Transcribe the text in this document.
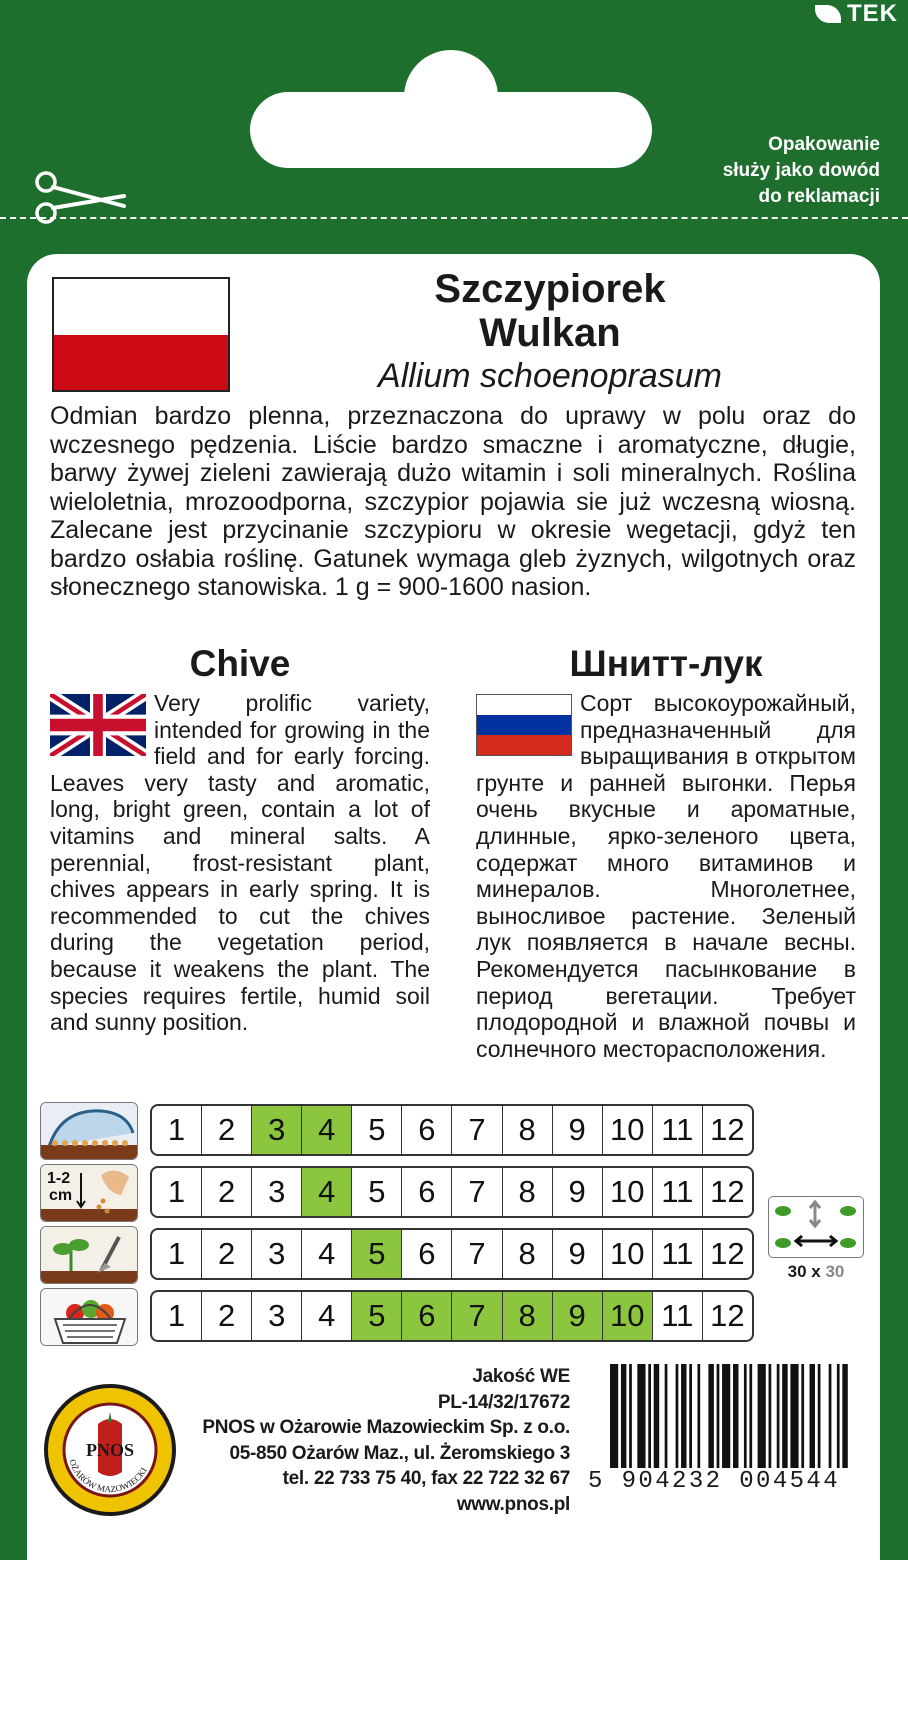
TEK
Opakowanie
służy jako dowód
do reklamacji
Szczypiorek
Wulkan
Allium schoenoprasum
Odmian bardzo plenna, przeznaczona do uprawy w polu oraz do wczesnego pędzenia. Liście bardzo smaczne i aromatyczne, długie, barwy żywej zieleni zawierają dużo witamin i soli mineralnych. Roślina wieloletnia, mrozoodporna, szczypior pojawia sie już wczesną wiosną. Zalecane jest przycinanie szczypioru w okresie wegetacji, gdyż ten bardzo osłabia roślinę. Gatunek wymaga gleb żyznych, wilgotnych oraz słonecznego stanowiska. 1 g = 900-1600 nasion.
Chive	Шнитт-лук
Very prolific variety, intended for growing in the field and for early forcing. Leaves very tasty and aromatic, long, bright green, contain a lot of vitamins and mineral salts. A perennial, frost-resistant plant, chives appears in early spring. It is recommended to cut the chives during the vegetation period, because it weakens the plant. The species requires fertile, humid soil and sunny position.
Сорт высокоурожайный, предназначенный для выращивания в открытом грунте и ранней выгонки. Перья очень вкусные и ароматные, длинные, ярко-зеленого цвета, содержат много витаминов и минералов. Многолетнее, выносливое растение. Зеленый лук появляется в начале весны. Рекомендуется пасынкование в период вегетации. Требует плодородной и влажной почвы и солнечного месторасположения.
1-2
cm
1	2	3	4	5	6	7	8	9 10 11 12
1	2	3	4	5	6	7	8	9 10 11 12
1	2	3	4	5	6	7	8	9 10 11 12
1	2	3	4	5	6	7	8	9 10 11 12
30 x 30
OŻARÓW MAZOWIECKI
PNOS
Jakość WE
PL-14/32/17672
PNOS w Ożarowie Mazowieckim Sp. z o.o.
05-850 Ożarów Maz., ul. Żeromskiego 3
tel. 22 733 75 40, fax 22 722 32 67
www.pnos.pl
5 904232 004544
